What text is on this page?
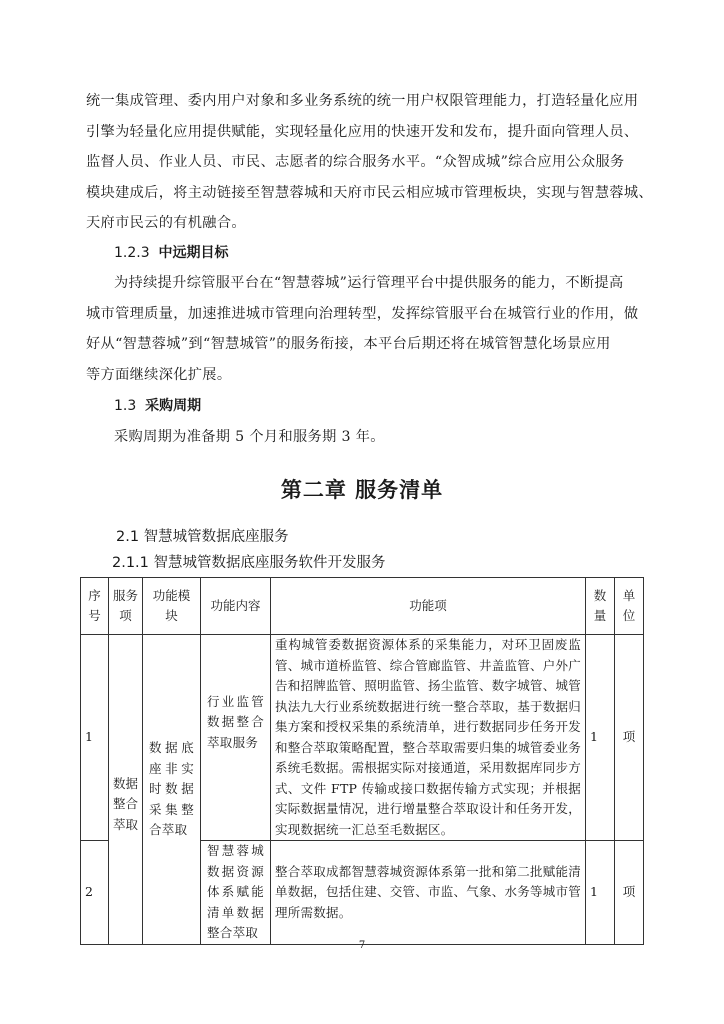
统一集成管理、委内用户对象和多业务系统的统一用户权限管理能力，打造轻量化应用
引擎为轻量化应用提供赋能，实现轻量化应用的快速开发和发布，提升面向管理人员、
监督人员、作业人员、市民、志愿者的综合服务水平。“众智成城”综合应用公众服务
模块建成后，将主动链接至智慧蓉城和天府市民云相应城市管理板块，实现与智慧蓉城、
天府市民云的有机融合。
1.2.3 中远期目标
为持续提升综管服平台在“智慧蓉城”运行管理平台中提供服务的能力，不断提高
城市管理质量，加速推进城市管理向治理转型，发挥综管服平台在城管行业的作用，做
好从“智慧蓉城”到“智慧城管”的服务衔接，本平台后期还将在城管智慧化场景应用
等方面继续深化扩展。
1.3 采购周期
采购周期为准备期 5 个月和服务期 3 年。
第二章 服务清单
2.1 智慧城管数据底座服务
2.1.1 智慧城管数据底座服务软件开发服务
序号	服务项	功能模块	功能内容	功能项	数量	单位
1	数据整合萃取	数据底座非实时数据采集整合萃取	行业监管数据整合萃取服务	重构城管委数据资源体系的采集能力，对环卫固废监管、城市道桥监管、综合管廊监管、井盖监管、户外广告和招牌监管、照明监管、扬尘监管、数字城管、城管执法九大行业系统数据进行统一整合萃取，基于数据归集方案和授权采集的系统清单，进行数据同步任务开发和整合萃取策略配置，整合萃取需要归集的城管委业务系统毛数据。需根据实际对接通道，采用数据库同步方式、文件 FTP 传输或接口数据传输方式实现；并根据实际数据量情况，进行增量整合萃取设计和任务开发，实现数据统一汇总至毛数据区。	1	项
2			智慧蓉城数据资源体系赋能清单数据整合萃取	整合萃取成都智慧蓉城资源体系第一批和第二批赋能清单数据，包括住建、交管、市监、气象、水务等城市管理所需数据。	1	项
7
